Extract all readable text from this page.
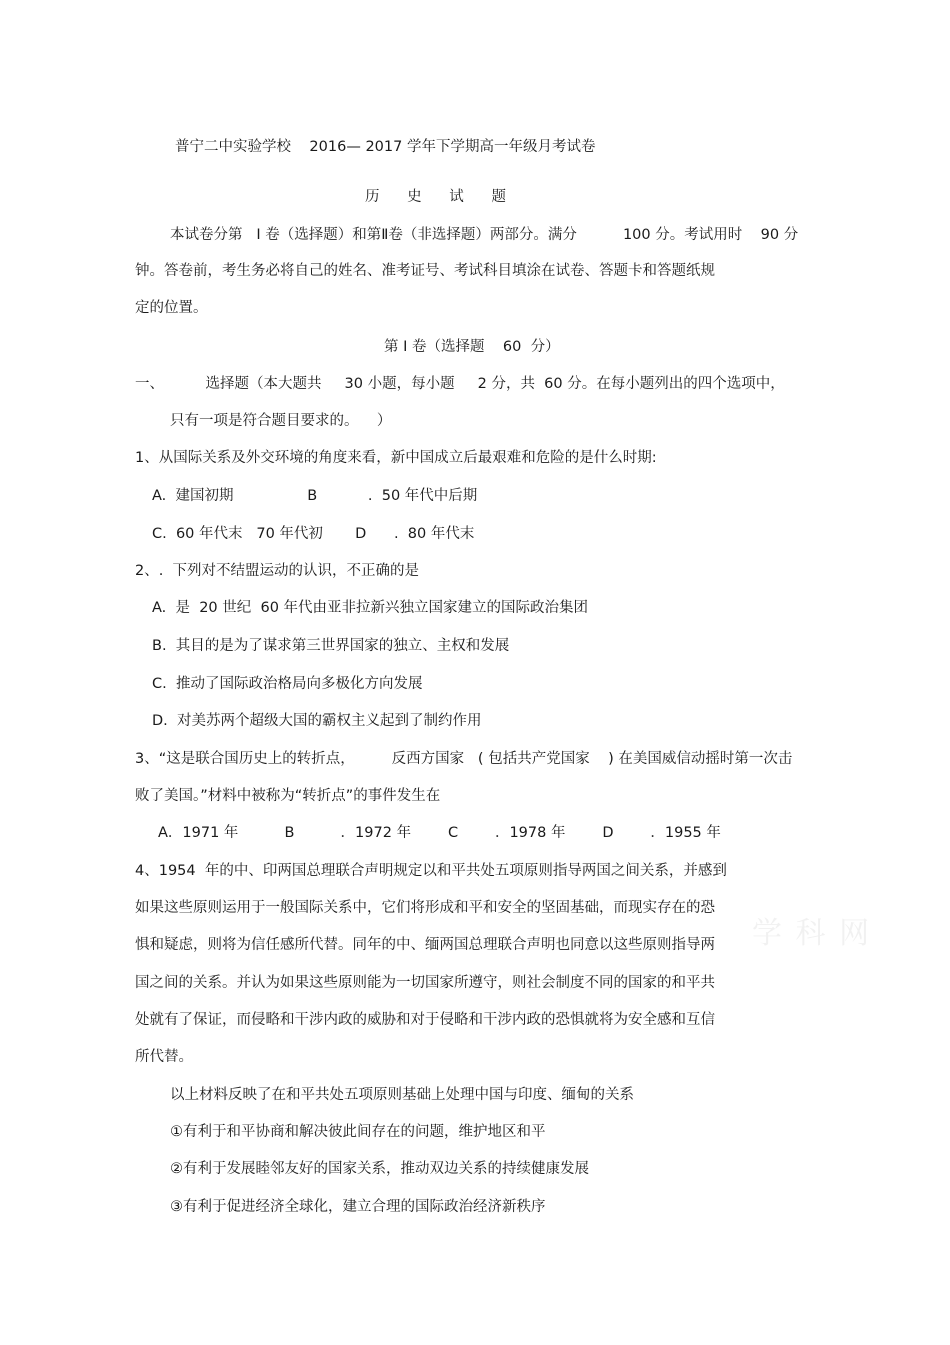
普宁二中实验学校    2016— 2017 学年下学期高一年级月考试卷
历      史      试      题
本试卷分第   Ⅰ 卷（选择题）和第Ⅱ卷（非选择题）两部分。满分          100 分。考试用时    90 分
钟。答卷前，考生务必将自己的姓名、准考证号、考试科目填涂在试卷、答题卡和答题纸规
定的位置。
第 Ⅰ 卷（选择题    60  分）
一、         选择题（本大题共     30 小题，每小题     2 分，共  60 分。在每小题列出的四个选项中，
只有一项是符合题目要求的。    ）
1、从国际关系及外交环境的角度来看，新中国成立后最艰难和危险的是什么时期:
A.  建国初期                B           .  50 年代中后期
C.  60 年代末   70 年代初       D      .  80 年代末
2、.  下列对不结盟运动的认识，不正确的是
A.  是  20 世纪  60 年代由亚非拉新兴独立国家建立的国际政治集团
B.  其目的是为了谋求第三世界国家的独立、主权和发展
C.  推动了国际政治格局向多极化方向发展
D.  对美苏两个超级大国的霸权主义起到了制约作用
3、“这是联合国历史上的转折点，        反西方国家   ( 包括共产党国家    ) 在美国威信动摇时第一次击
败了美国。”材料中被称为“转折点”的事件发生在
A．1971 年          B          ．1972 年        C        ．1978 年        D        ．1955 年
4、1954  年的中、印两国总理联合声明规定以和平共处五项原则指导两国之间关系，并感到
如果这些原则运用于一般国际关系中，它们将形成和平和安全的坚固基础，而现实存在的恐
惧和疑虑，则将为信任感所代替。同年的中、缅两国总理联合声明也同意以这些原则指导两
国之间的关系。并认为如果这些原则能为一切国家所遵守，则社会制度不同的国家的和平共
处就有了保证，而侵略和干涉内政的威胁和对于侵略和干涉内政的恐惧就将为安全感和互信
所代替。
以上材料反映了在和平共处五项原则基础上处理中国与印度、缅甸的关系
①有利于和平协商和解决彼此间存在的问题，维护地区和平
②有利于发展睦邻友好的国家关系，推动双边关系的持续健康发展
③有利于促进经济全球化，建立合理的国际政治经济新秩序
学 科 网
